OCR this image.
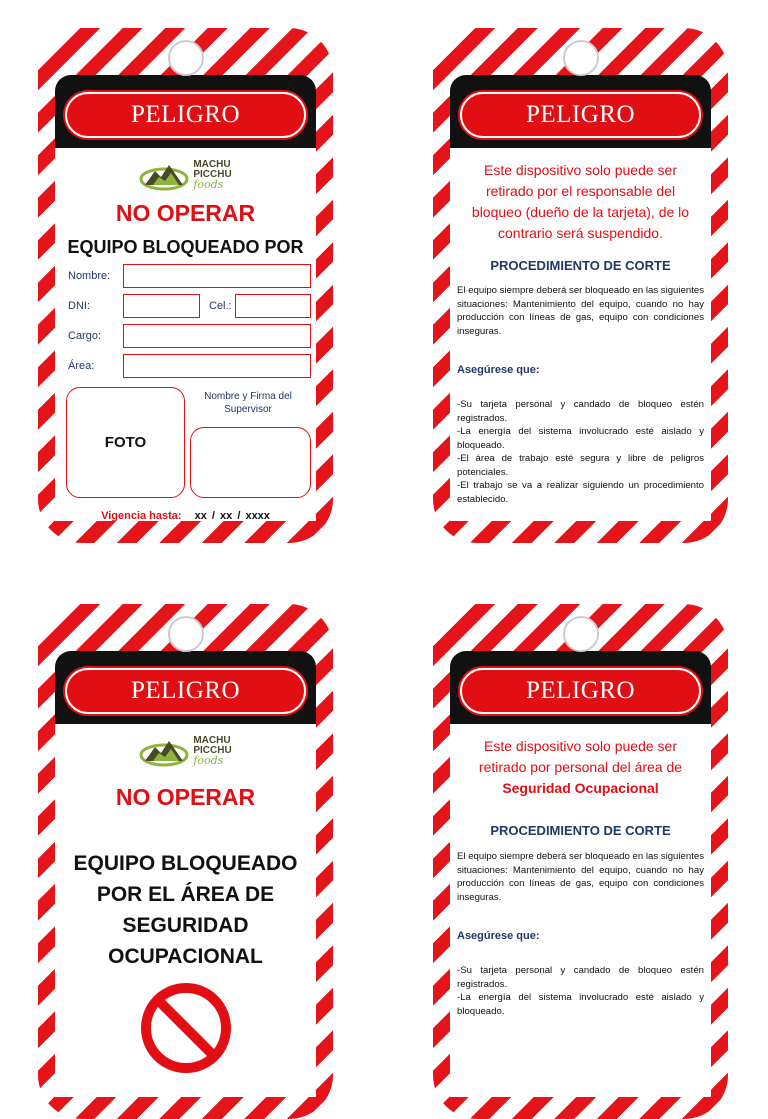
PELIGRO
MACHU
PICCHU
foods
NO OPERAR
EQUIPO BLOQUEADO POR
Nombre:
DNI:	Cel.:
Cargo:
Área:
FOTO
Nombre y Firma del Supervisor
Vigencia hasta: xx / xx / xxxx
PELIGRO
Este dispositivo solo puede ser retirado por el responsable del bloqueo (dueño de la tarjeta), de lo contrario será suspendido.
PROCEDIMIENTO DE CORTE
El equipo siempre deberá ser bloqueado en las siguientes situaciones: Mantenimiento del equipo, cuando no hay producción con líneas de gas, equipo con condiciones inseguras.
Asegúrese que:
-Su tarjeta personal y candado de bloqueo estén registrados.
-La energía del sistema involucrado esté aislado y bloqueado.
-El área de trabajo esté segura y libre de peligros potenciales.
-El trabajo se va a realizar siguiendo un procedimiento establecido.
PELIGRO
MACHU
PICCHU
foods
NO OPERAR
EQUIPO BLOQUEADO POR EL ÁREA DE SEGURIDAD OCUPACIONAL
PELIGRO
Este dispositivo solo puede ser retirado por personal del área de
Seguridad Ocupacional
PROCEDIMIENTO DE CORTE
El equipo siempre deberá ser bloqueado en las siguientes situaciones: Mantenimiento del equipo, cuando no hay producción con líneas de gas, equipo con condiciones inseguras.
Asegúrese que:
-Su tarjeta personal y candado de bloqueo estén registrados.
-La energía del sistema involucrado esté aislado y bloqueado.
